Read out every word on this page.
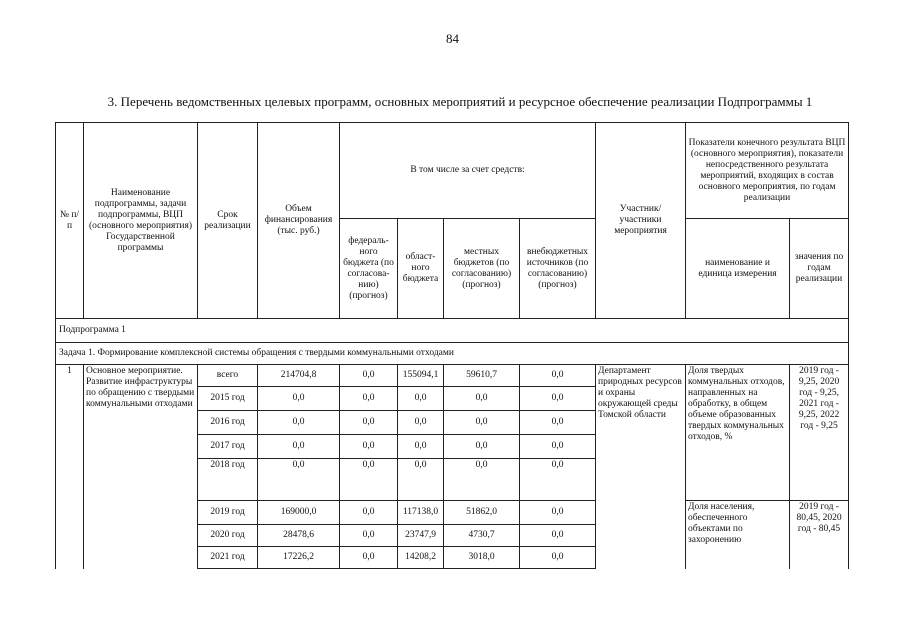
84
3. Перечень ведомственных целевых программ, основных мероприятий и ресурсное обеспечение реализации Подпрограммы 1
№ п/п	Наименование подпрограммы, задачи подпрограммы, ВЦП (основного мероприятия) Государственной программы	Срок реализации	Объем финансирования (тыс. руб.)	В том числе за счет средств:				Участник/ участники мероприятия	Показатели конечного результата ВЦП (основного мероприятия), показатели непосредственного результата мероприятий, входящих в состав основного мероприятия, по годам реализации	
				федераль-ного бюджета (по согласова-нию) (прогноз)	област-ного бюджета	местных бюджетов (по согласованию) (прогноз)	внебюджетных источников (по согласованию) (прогноз)		наименование и единица измерения	значения по годам реализации
Подпрограмма 1										
Задача 1. Формирование комплексной системы обращения с твердыми коммунальными отходами										
1	Основное мероприятие. Развитие инфраструктуры по обращению с твердыми коммунальными отходами	всего	214704,8	0,0	155094,1	59610,7	0,0	Департамент природных ресурсов и охраны окружающей среды Томской области	Доля твердых коммунальных отходов, направленных на обработку, в общем объеме образованных твердых коммунальных отходов, %	2019 год - 9,25, 2020 год - 9,25, 2021 год - 9,25, 2022 год - 9,25
		2015 год	0,0	0,0	0,0	0,0	0,0			
		2016 год	0,0	0,0	0,0	0,0	0,0			
		2017 год	0,0	0,0	0,0	0,0	0,0			
		2018 год	0,0	0,0	0,0	0,0	0,0			
		2019 год	169000,0	0,0	117138,0	51862,0	0,0		Доля населения, обеспеченного объектами по захоронению	2019 год - 80,45, 2020 год - 80,45
		2020 год	28478,6	0,0	23747,9	4730,7	0,0			
		2021 год	17226,2	0,0	14208,2	3018,0	0,0			
